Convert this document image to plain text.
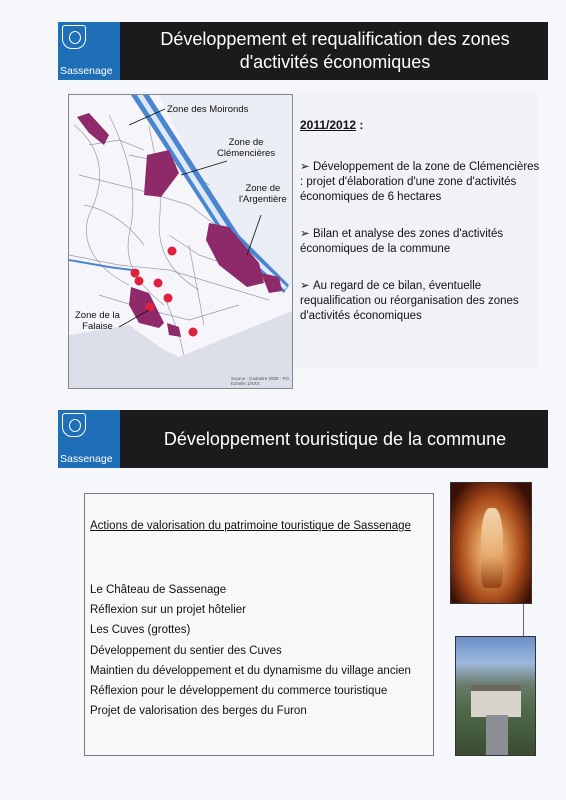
Sassenage
Développement et requalification des zones
d'activités économiques
Zone des Moironds
Zone de
Clémencières
Zone de
l'Argentière
Zone de la
Falaise
Source : Cadastre 2008 - PO
Echelle 1/XXX
2011/2012 :
➢ Développement de la zone de Clémencières : projet d'élaboration d'une zone d'activités économiques de 6 hectares
➢ Bilan et analyse des zones d'activités économiques de la commune
➢ Au regard de ce bilan, éventuelle requalification ou réorganisation des zones d'activités économiques
Sassenage
Développement touristique de la commune
Actions de valorisation du patrimoine touristique de Sassenage
Le Château de Sassenage
Réflexion sur un projet hôtelier
Les Cuves (grottes)
Développement du sentier des Cuves
Maintien du développement et du dynamisme du village ancien
Réflexion pour le développement du commerce touristique
Projet de valorisation des berges du Furon
